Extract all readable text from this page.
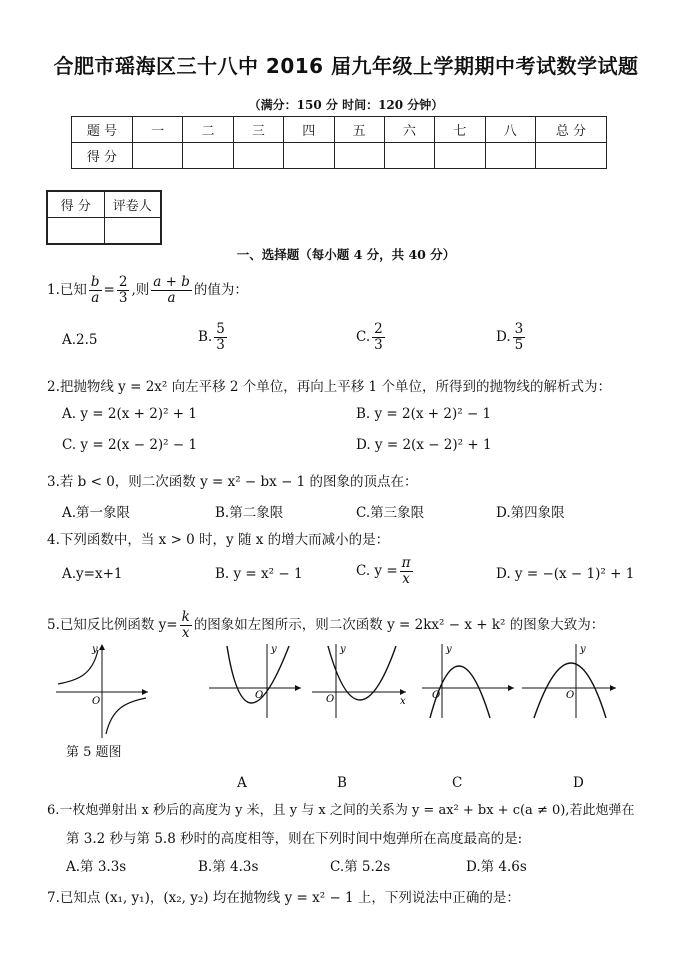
合肥市瑶海区三十八中 2016 届九年级上学期期中考试数学试题
（满分：150 分 时间：120 分钟）
题 号	一	二	三	四	五	六	七	八	总 分
得 分									
得 分	评卷人

一、选择题（每小题 4 分，共 40 分）
1.已知 $\frac{b}{a} = \frac{2}{3}$ ,则 $\frac{a + b}{a}$ 的值为：
A.2.5	B. $\frac{5}{3}$	C. $\frac{2}{3}$	D. $\frac{3}{5}$
2.把抛物线 y = 2x² 向左平移 2 个单位，再向上平移 1 个单位，所得到的抛物线的解析式为：
A. y = 2(x + 2)² + 1	B. y = 2(x + 2)² − 1
C. y = 2(x − 2)² − 1	D. y = 2(x − 2)² + 1
3.若 b < 0，则二次函数 y = x² − bx − 1 的图象的顶点在：
A.第一象限	B.第二象限	C.第三象限	D.第四象限
4.下列函数中，当 x > 0 时，y 随 x 的增大而减小的是：
A.y=x+1	B. y = x² − 1	C. $y = \frac{\pi}{x}$	D. y = −(x − 1)² + 1
5.已知反比例函数 $y= \frac{k}{x}$ 的图象如左图所示，则二次函数 y = 2kx² − x + k² 的图象大致为：
O
y
第 5 题图
O
y
O
y
x
O
y
O
y
A	B	C	D
6.一枚炮弹射出 x 秒后的高度为 y 米，且 y 与 x 之间的关系为 y = ax² + bx + c(a ≠ 0),若此炮弹在
第 3.2 秒与第 5.8 秒时的高度相等，则在下列时间中炮弹所在高度最高的是:
A.第 3.3s	B.第 4.3s	C.第 5.2s	D.第 4.6s
7.已知点 (x₁, y₁)，(x₂, y₂) 均在抛物线 y = x² − 1 上，下列说法中正确的是：
